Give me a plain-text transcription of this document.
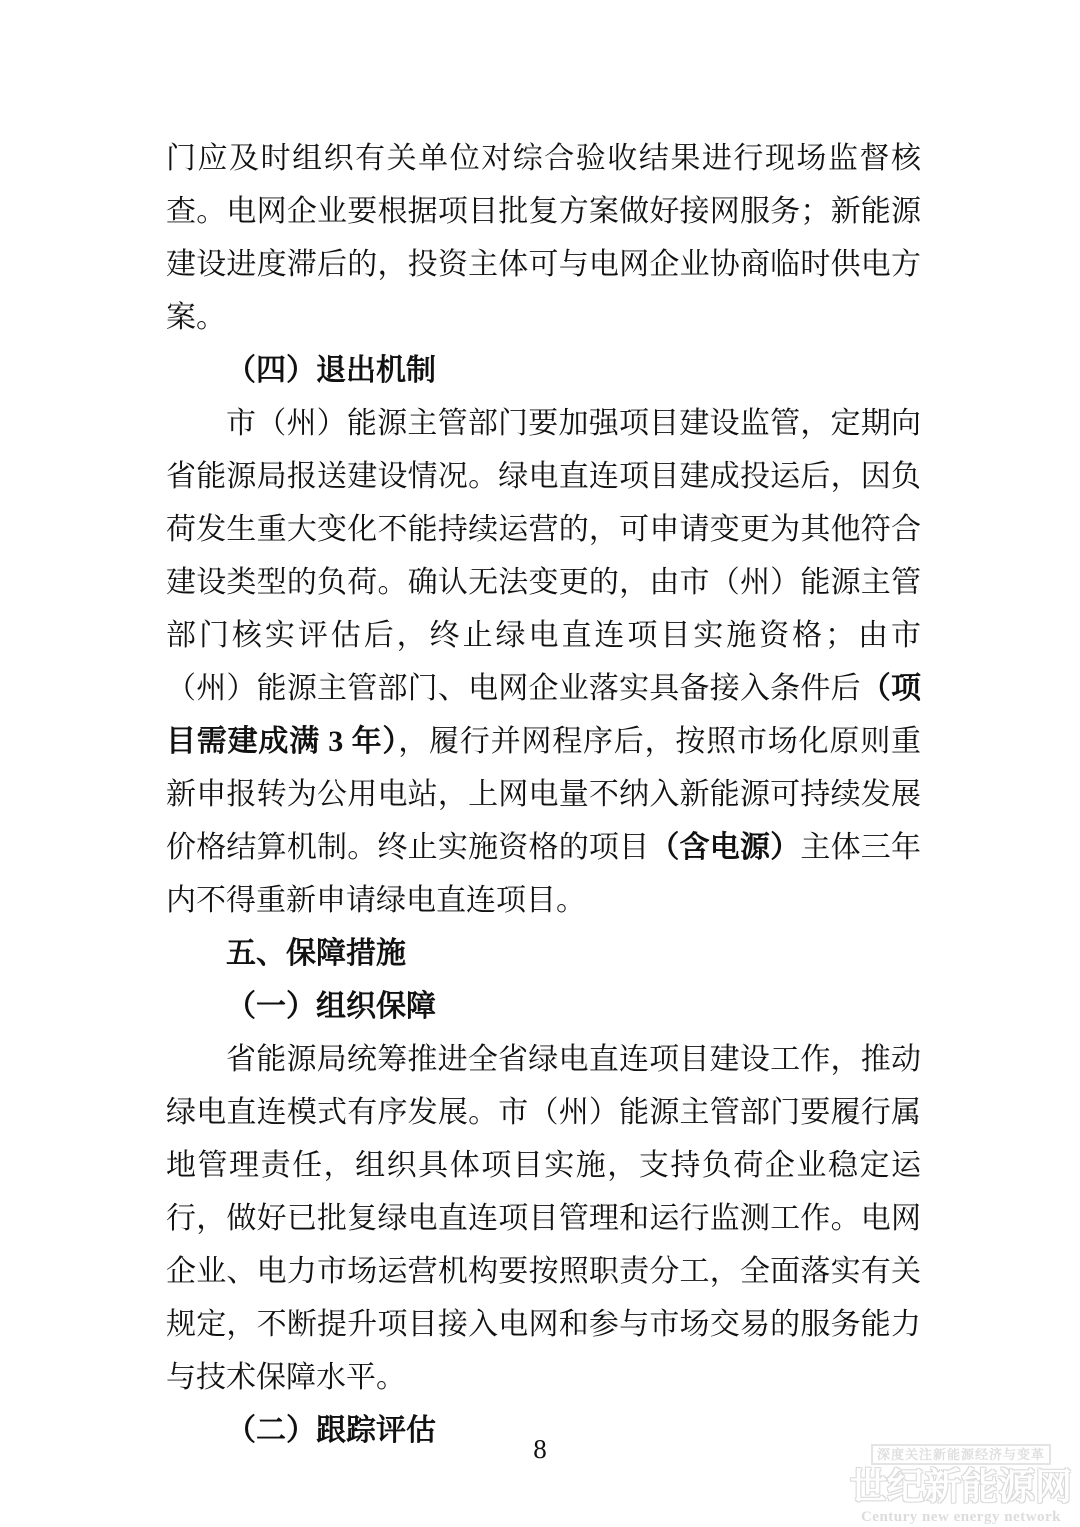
门应及时组织有关单位对综合验收结果进行现场监督核查。电网企业要根据项目批复方案做好接网服务；新能源建设进度滞后的，投资主体可与电网企业协商临时供电方案。

（四）退出机制

市（州）能源主管部门要加强项目建设监管，定期向省能源局报送建设情况。绿电直连项目建成投运后，因负荷发生重大变化不能持续运营的，可申请变更为其他符合建设类型的负荷。确认无法变更的，由市（州）能源主管部门核实评估后，终止绿电直连项目实施资格；由市（州）能源主管部门、电网企业落实具备接入条件后（项目需建成满 3 年），履行并网程序后，按照市场化原则重新申报转为公用电站，上网电量不纳入新能源可持续发展价格结算机制。终止实施资格的项目（含电源）主体三年内不得重新申请绿电直连项目。

五、保障措施

（一）组织保障

省能源局统筹推进全省绿电直连项目建设工作，推动绿电直连模式有序发展。市（州）能源主管部门要履行属地管理责任，组织具体项目实施，支持负荷企业稳定运行，做好已批复绿电直连项目管理和运行监测工作。电网企业、电力市场运营机构要按照职责分工，全面落实有关规定，不断提升项目接入电网和参与市场交易的服务能力与技术保障水平。

（二）跟踪评估

8	深度关注新能源经济与变革
世纪新能源网
Century new energy network
